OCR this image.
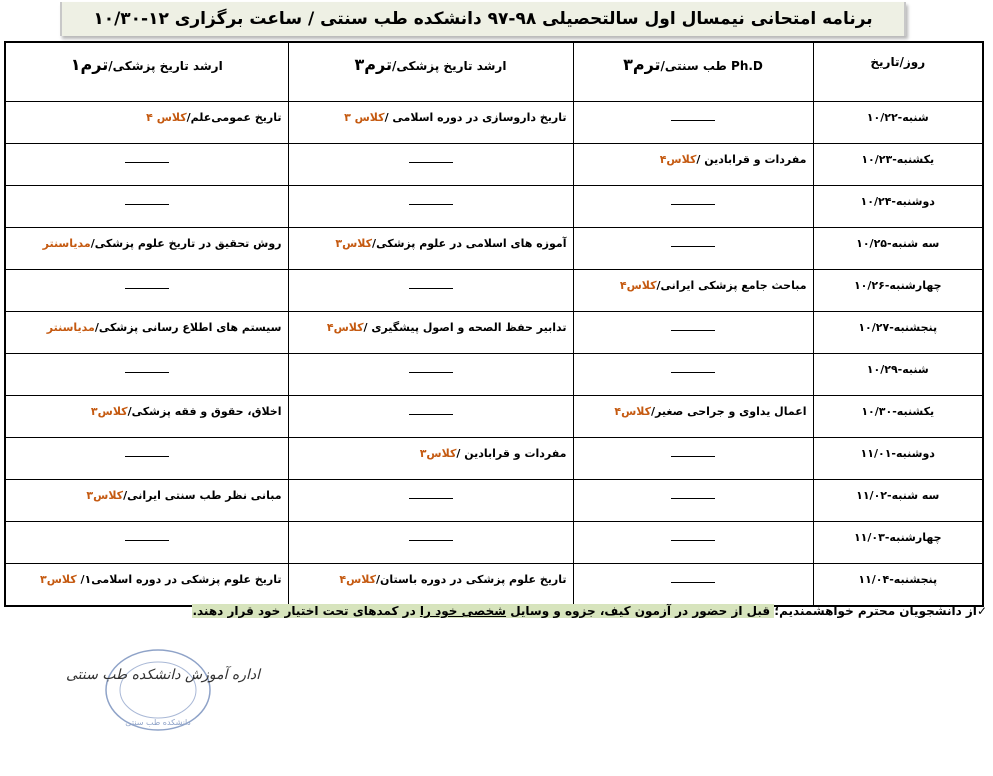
برنامه امتحانی نیمسال اول سالتحصیلی ۹۸-۹۷ دانشکده طب سنتی / ساعت برگزاری ۱۲-۱۰/۳۰
روز/تاریخ	Ph.D طب سنتی/ترم۳	ارشد تاریخ پزشکی/ترم۳	ارشد تاریخ پزشکی/ترم۱
شنبه-۱۰/۲۲		تاریخ داروسازی در دوره اسلامی /کلاس ۳	تاریخ عمومی‌علم/کلاس ۴
یکشنبه-۱۰/۲۳	مفردات و قرابادین /کلاس۴		
دوشنبه-۱۰/۲۴			
سه شنبه-۱۰/۲۵		آموزه های اسلامی در علوم پزشکی/کلاس۳	روش تحقیق در تاریخ علوم پزشکی/مدیاسنتر
چهارشنبه-۱۰/۲۶	مباحث جامع پزشکی ایرانی/کلاس۴		
پنجشنبه-۱۰/۲۷		تدابیر حفظ الصحه و اصول پیشگیری /کلاس۴	سیستم های اطلاع رسانی پزشکی/مدیاسنتر
شنبه-۱۰/۲۹			
یکشنبه-۱۰/۳۰	اعمال یداوی و جراحی صغیر/کلاس۴		اخلاق، حقوق و فقه پزشکی/کلاس۳
دوشنبه-۱۱/۰۱		مفردات و قرابادین /کلاس۳	
سه شنبه-۱۱/۰۲			مبانی نظر طب سنتی ایرانی/کلاس۳
چهارشنبه-۱۱/۰۳			
پنجشنبه-۱۱/۰۴		تاریخ علوم پزشکی در دوره باستان/کلاس۴	تاریخ علوم پزشکی در دوره اسلامی۱/ کلاس۳
✓از دانشجویان محترم خواهشمندیم؛ قبل از حضور در آزمون کیف، جزوه و وسایل شخصی خود را در کمدهای تحت اختیار خود قرار دهند.
دانشکده طب سنتی
اداره آموزش دانشکده طب سنتی
